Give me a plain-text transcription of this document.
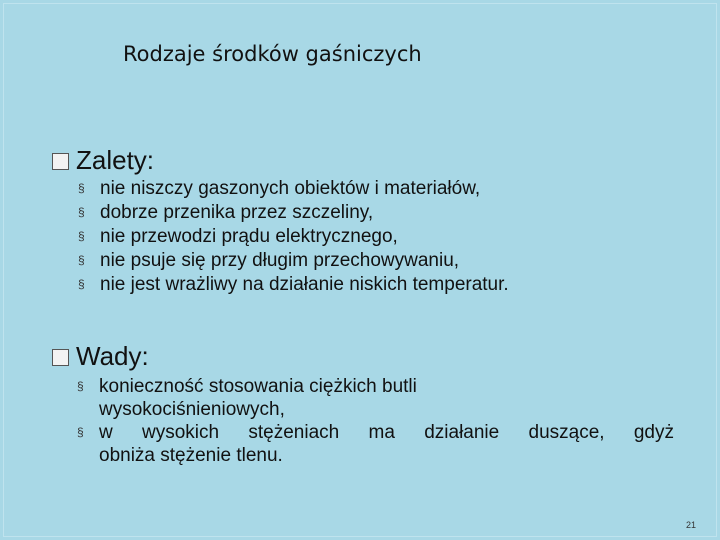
Rodzaje środków gaśniczych
Zalety:
§ nie niszczy gaszonych obiektów i materiałów,
§ dobrze przenika przez szczeliny,
§ nie przewodzi prądu elektrycznego,
§ nie psuje się przy długim przechowywaniu,
§ nie jest wrażliwy na działanie niskich temperatur.
Wady:
§ konieczność stosowania ciężkich butli
wysokociśnieniowych,
§ w wysokich stężeniach ma działanie duszące, gdyż
obniża stężenie tlenu.
21
